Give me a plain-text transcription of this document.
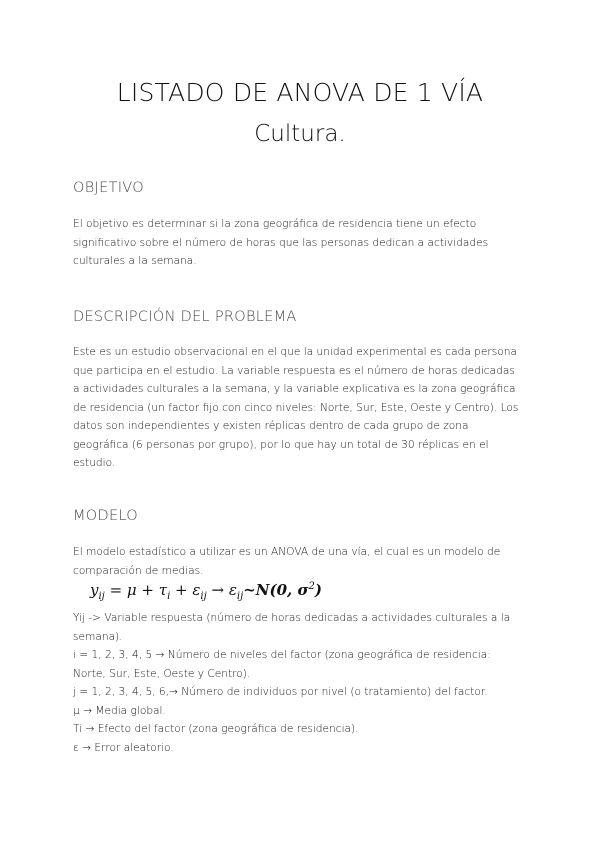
LISTADO DE ANOVA DE 1 VÍA
Cultura.
OBJETIVO
El objetivo es determinar si la zona geográfica de residencia tiene un efecto
significativo sobre el número de horas que las personas dedican a actividades
culturales a la semana.
DESCRIPCIÓN DEL PROBLEMA
Este es un estudio observacional en el que la unidad experimental es cada persona
que participa en el estudio. La variable respuesta es el número de horas dedicadas
a actividades culturales a la semana, y la variable explicativa es la zona geográfica
de residencia (un factor fijo con cinco niveles: Norte, Sur, Este, Oeste y Centro). Los
datos son independientes y existen réplicas dentro de cada grupo de zona
geográfica (6 personas por grupo), por lo que hay un total de 30 réplicas en el
estudio.
MODELO
El modelo estadístico a utilizar es un ANOVA de una vía, el cual es un modelo de
comparación de medias.
$y_{ij} = \mu + \tau_i + \varepsilon_{ij}$ → $\varepsilon_{ij}\sim N(0$, $\sigma^2$)
Yij -> Variable respuesta (número de horas dedicadas a actividades culturales a la
semana).
i = 1, 2, 3, 4, 5 → Número de niveles del factor (zona geográfica de residencia:
Norte, Sur, Este, Oeste y Centro).
j = 1, 2, 3, 4, 5, 6,→ Número de individuos por nivel (o tratamiento) del factor.
μ → Media global.
Ti → Efecto del factor (zona geográfica de residencia).
ε → Error aleatorio.
